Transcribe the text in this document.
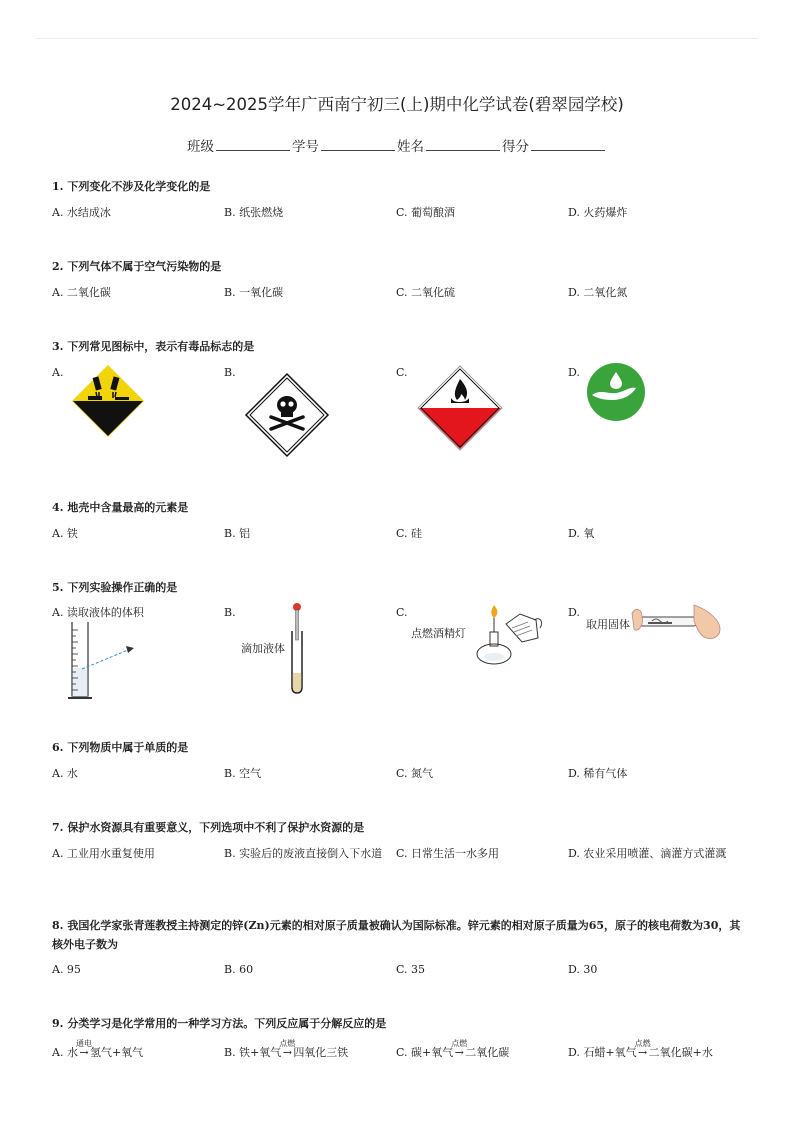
2024~2025学年广西南宁初三(上)期中化学试卷(碧翠园学校)
班级	学号	姓名	得分
1. 下列变化不涉及化学变化的是
A. 水结成冰	B. 纸张燃烧	C. 葡萄酿酒	D. 火药爆炸
2. 下列气体不属于空气污染物的是
A. 二氧化碳	B. 一氧化碳	C. 二氧化硫	D. 二氧化氮
3. 下列常见图标中，表示有毒品标志的是
A.	B.	C.	D.
4. 地壳中含量最高的元素是
A. 铁	B. 铝	C. 硅	D. 氧
5. 下列实验操作正确的是
A. 读取液体的体积	B.	C.	D.
滴加液体
点燃酒精灯
取用固体
6. 下列物质中属于单质的是
A. 水	B. 空气	C. 氮气	D. 稀有气体
7. 保护水资源具有重要意义，下列选项中不利了保护水资源的是
A. 工业用水重复使用	B. 实验后的废液直接倒入下水道	C. 日常生活一水多用	D. 农业采用喷灌、滴灌方式灌溉
8. 我国化学家张青莲教授主持测定的锌(Zn)元素的相对原子质量被确认为国际标准。锌元素的相对原子质量为65，原子的核电荷数为30，其核外电子数为
A. 95	B. 60	C. 35	D. 30
9. 分类学习是化学常用的一种学习方法。下列反应属于分解反应的是
A. 水
通电
→氢气+氧气	B. 铁+氧气
点燃
→四氧化三铁	C. 碳+氧气
点燃
→二氧化碳	D. 石蜡+氧气
点燃
→二氧化碳+水
